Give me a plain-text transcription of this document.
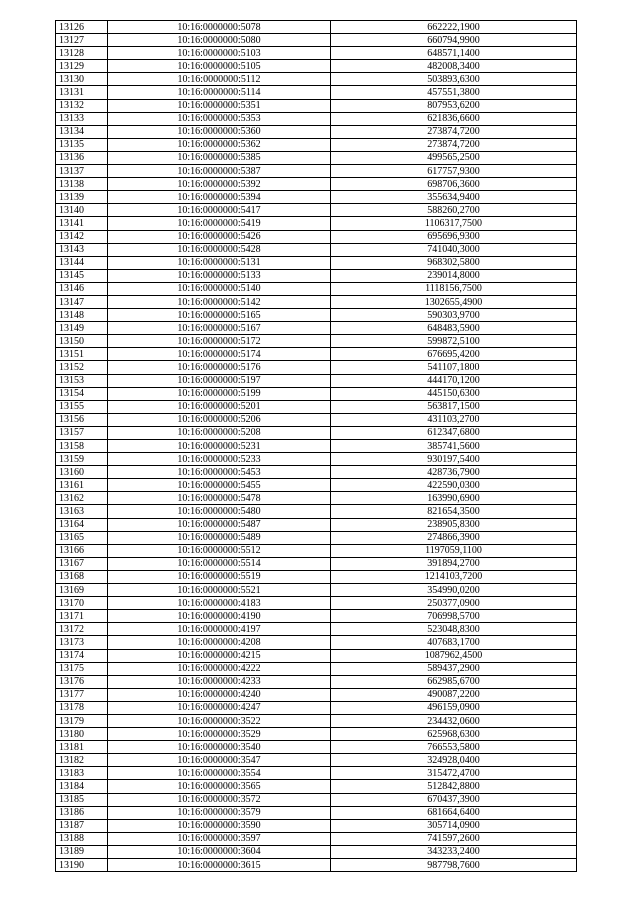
13126	10:16:0000000:5078	662222,1900
13127	10:16:0000000:5080	660794,9900
13128	10:16:0000000:5103	648571,1400
13129	10:16:0000000:5105	482008,3400
13130	10:16:0000000:5112	503893,6300
13131	10:16:0000000:5114	457551,3800
13132	10:16:0000000:5351	807953,6200
13133	10:16:0000000:5353	621836,6600
13134	10:16:0000000:5360	273874,7200
13135	10:16:0000000:5362	273874,7200
13136	10:16:0000000:5385	499565,2500
13137	10:16:0000000:5387	617757,9300
13138	10:16:0000000:5392	698706,3600
13139	10:16:0000000:5394	355634,9400
13140	10:16:0000000:5417	588260,2700
13141	10:16:0000000:5419	1106317,7500
13142	10:16:0000000:5426	695696,9300
13143	10:16:0000000:5428	741040,3000
13144	10:16:0000000:5131	968302,5800
13145	10:16:0000000:5133	239014,8000
13146	10:16:0000000:5140	1118156,7500
13147	10:16:0000000:5142	1302655,4900
13148	10:16:0000000:5165	590303,9700
13149	10:16:0000000:5167	648483,5900
13150	10:16:0000000:5172	599872,5100
13151	10:16:0000000:5174	676695,4200
13152	10:16:0000000:5176	541107,1800
13153	10:16:0000000:5197	444170,1200
13154	10:16:0000000:5199	445150,6300
13155	10:16:0000000:5201	563817,1500
13156	10:16:0000000:5206	431103,2700
13157	10:16:0000000:5208	612347,6800
13158	10:16:0000000:5231	385741,5600
13159	10:16:0000000:5233	930197,5400
13160	10:16:0000000:5453	428736,7900
13161	10:16:0000000:5455	422590,0300
13162	10:16:0000000:5478	163990,6900
13163	10:16:0000000:5480	821654,3500
13164	10:16:0000000:5487	238905,8300
13165	10:16:0000000:5489	274866,3900
13166	10:16:0000000:5512	1197059,1100
13167	10:16:0000000:5514	391894,2700
13168	10:16:0000000:5519	1214103,7200
13169	10:16:0000000:5521	354990,0200
13170	10:16:0000000:4183	250377,0900
13171	10:16:0000000:4190	706998,5700
13172	10:16:0000000:4197	523048,8300
13173	10:16:0000000:4208	407683,1700
13174	10:16:0000000:4215	1087962,4500
13175	10:16:0000000:4222	589437,2900
13176	10:16:0000000:4233	662985,6700
13177	10:16:0000000:4240	490087,2200
13178	10:16:0000000:4247	496159,0900
13179	10:16:0000000:3522	234432,0600
13180	10:16:0000000:3529	625968,6300
13181	10:16:0000000:3540	766553,5800
13182	10:16:0000000:3547	324928,0400
13183	10:16:0000000:3554	315472,4700
13184	10:16:0000000:3565	512842,8800
13185	10:16:0000000:3572	670437,3900
13186	10:16:0000000:3579	681664,6400
13187	10:16:0000000:3590	305714,0900
13188	10:16:0000000:3597	741597,2600
13189	10:16:0000000:3604	343233,2400
13190	10:16:0000000:3615	987798,7600
